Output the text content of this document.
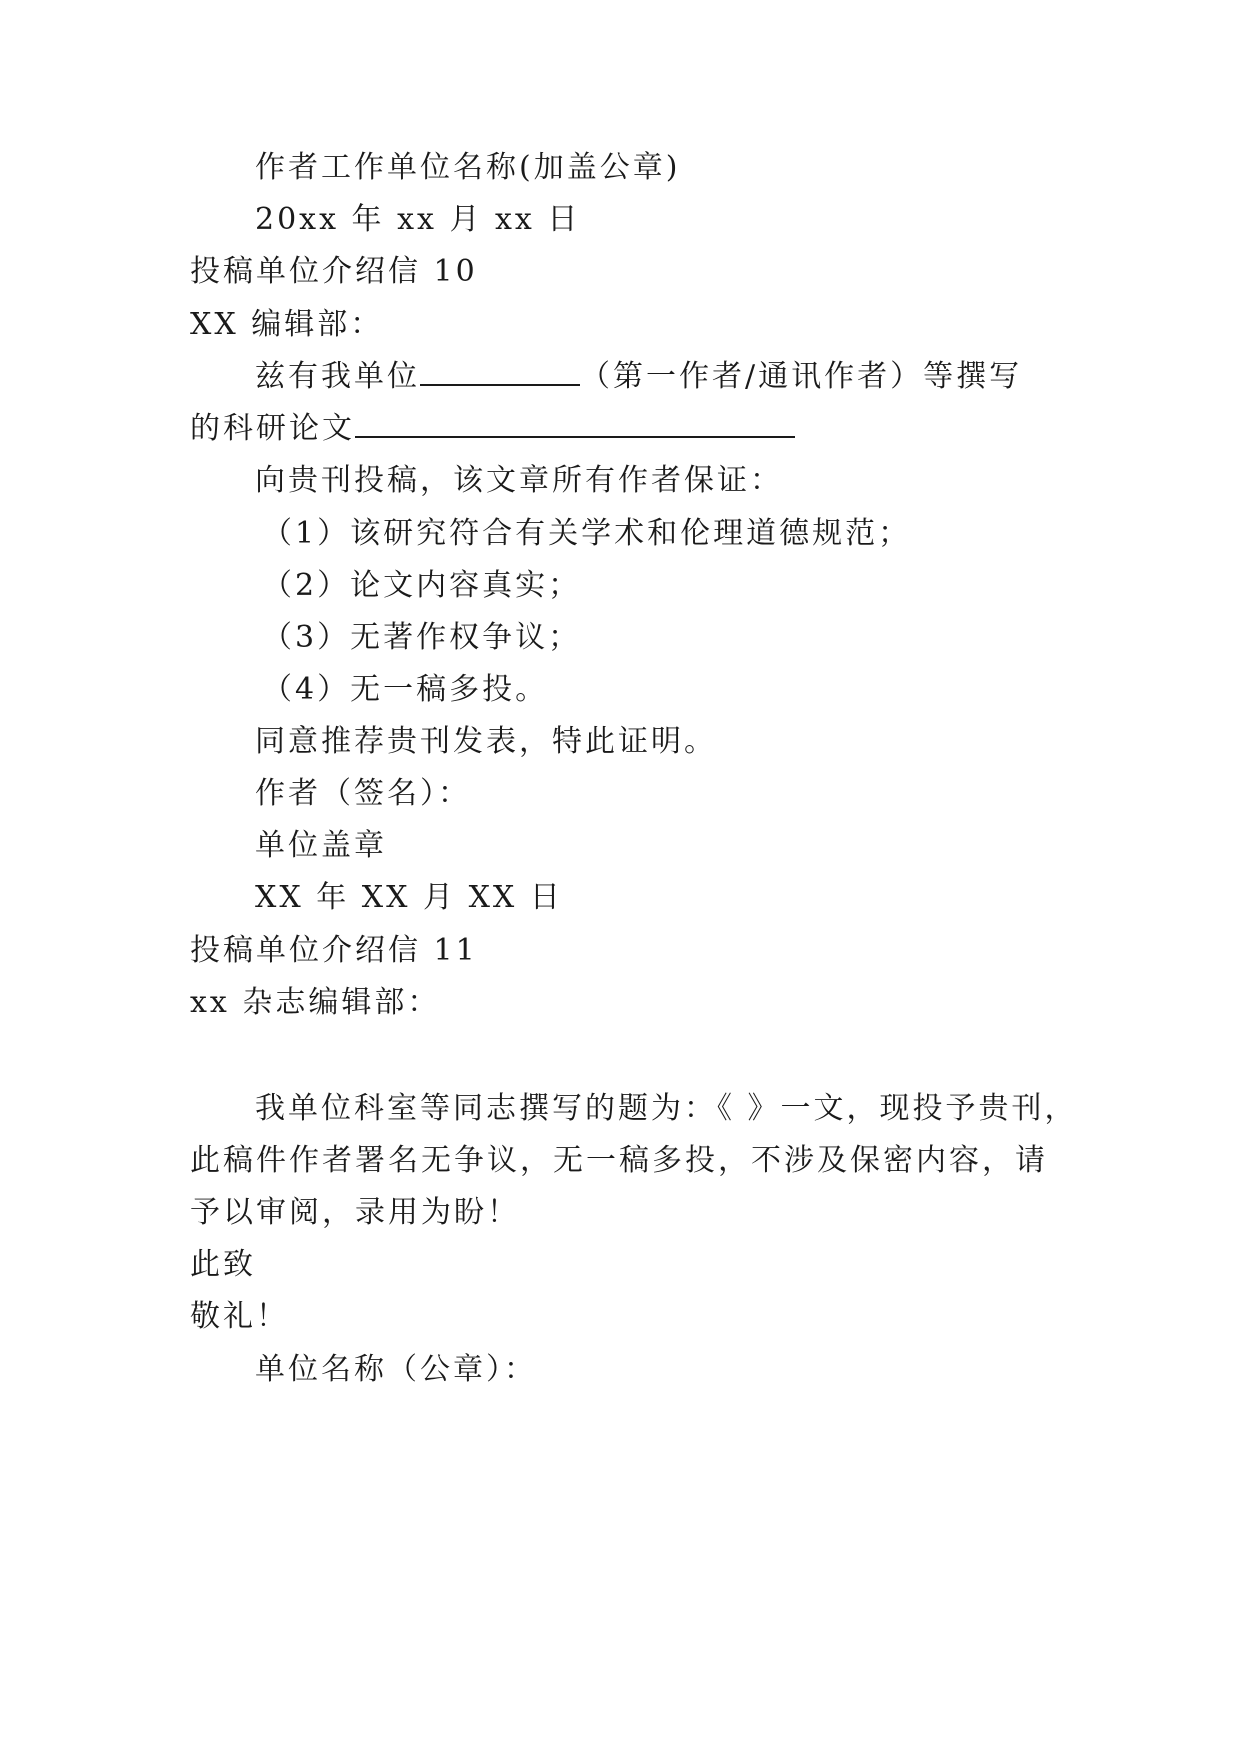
作者工作单位名称(加盖公章)
20xx 年 xx 月 xx 日
投稿单位介绍信 10
XX 编辑部：
兹有我单位	（第一作者/通讯作者）等撰写
的科研论文
向贵刊投稿，该文章所有作者保证：
（1）该研究符合有关学术和伦理道德规范；
（2）论文内容真实；
（3）无著作权争议；
（4）无一稿多投。
同意推荐贵刊发表，特此证明。
作者（签名）：
单位盖章
XX 年 XX 月 XX 日
投稿单位介绍信 11
xx 杂志编辑部：
我单位科室等同志撰写的题为：《 》一文，现投予贵刊，
此稿件作者署名无争议，无一稿多投，不涉及保密内容，请
予以审阅，录用为盼！
此致
敬礼！
单位名称（公章）：
